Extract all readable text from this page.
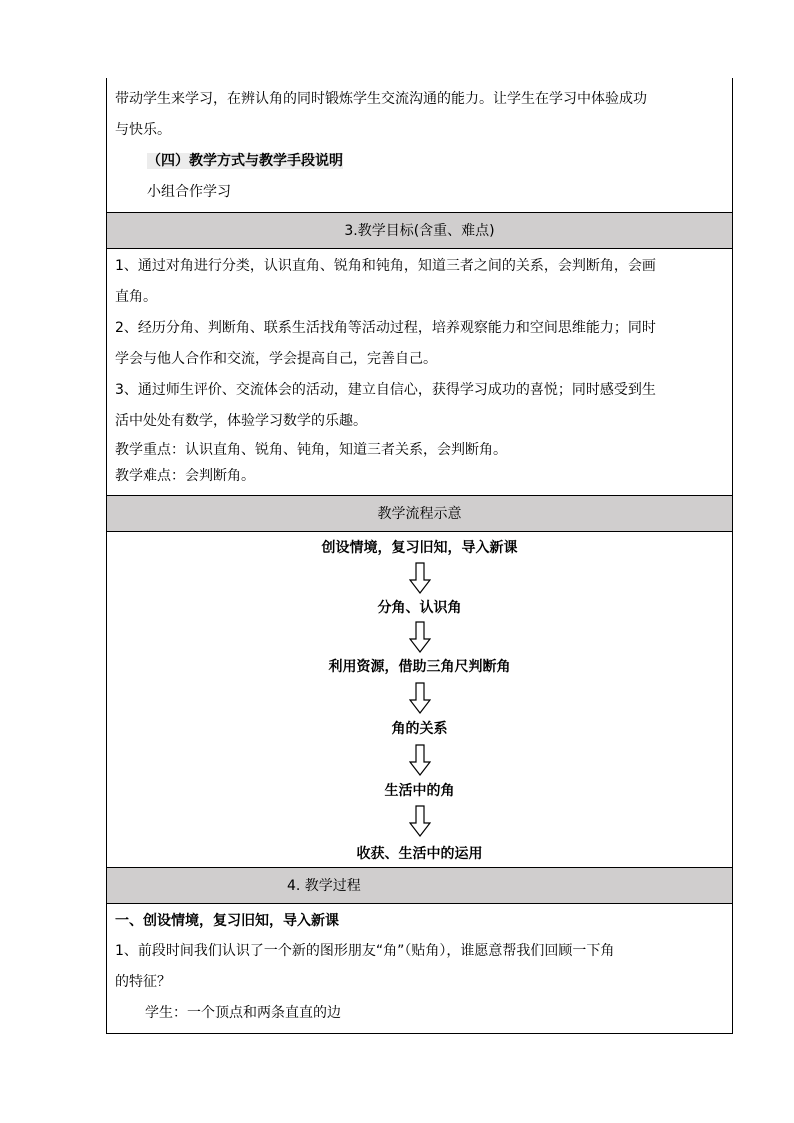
带动学生来学习，在辨认角的同时锻炼学生交流沟通的能力。让学生在学习中体验成功

与快乐。

（四）教学方式与教学手段说明

小组合作学习

3.教学目标(含重、难点)

1、通过对角进行分类，认识直角、锐角和钝角，知道三者之间的关系，会判断角，会画

直角。

2、经历分角、判断角、联系生活找角等活动过程，培养观察能力和空间思维能力；同时

学会与他人合作和交流，学会提高自己，完善自己。

3、通过师生评价、交流体会的活动，建立自信心，获得学习成功的喜悦；同时感受到生

活中处处有数学，体验学习数学的乐趣。

教学重点：认识直角、锐角、钝角，知道三者关系，会判断角。

教学难点：会判断角。

教学流程示意
创设情境，复习旧知，导入新课
分角、认识角
利用资源，借助三角尺判断角
角的关系
生活中的角
收获、生活中的运用
4. 教学过程

一、创设情境，复习旧知，导入新课

1、前段时间我们认识了一个新的图形朋友“角”（贴角），谁愿意帮我们回顾一下角

的特征？

学生：一个顶点和两条直直的边
